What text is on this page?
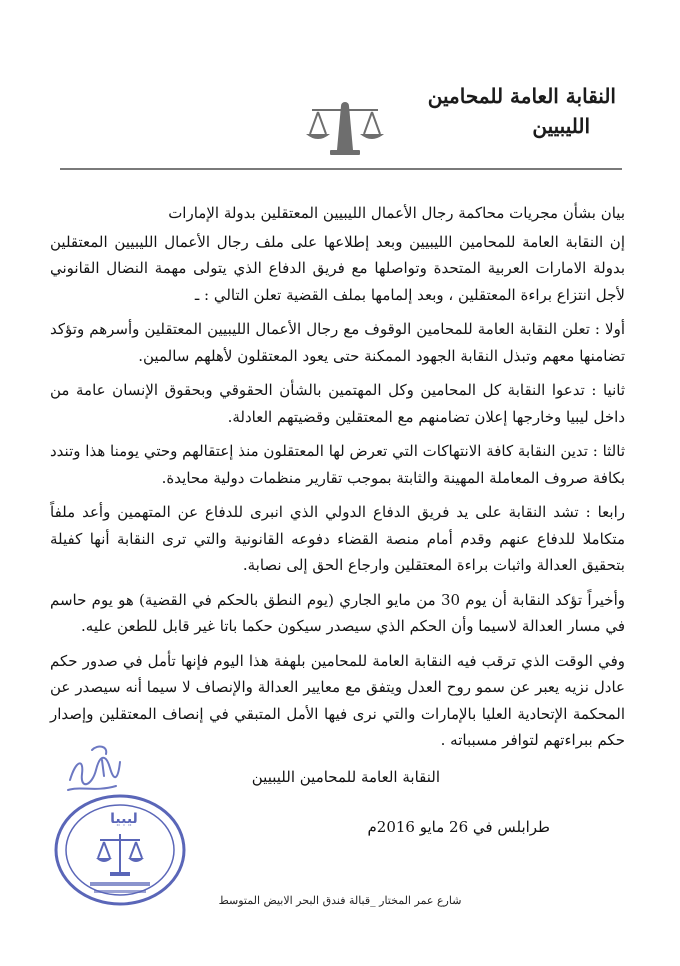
النقابة العامة للمحامين
الليبيين

بيان بشأن مجريات محاكمة رجال الأعمال الليبيين المعتقلين بدولة الإمارات

إن النقابة العامة للمحامين الليبيين وبعد إطلاعها على ملف رجال الأعمال الليبيين المعتقلين بدولة الامارات العربية المتحدة وتواصلها مع فريق الدفاع الذي يتولى مهمة النضال القانوني لأجل انتزاع براءة المعتقلين ، وبعد إلمامها بملف القضية تعلن التالي : ـ

أولا : تعلن النقابة العامة للمحامين الوقوف مع رجال الأعمال الليبيين المعتقلين وأسرهم وتؤكد تضامنها معهم وتبذل النقابة الجهود الممكنة حتى يعود المعتقلون لأهلهم سالمين.

ثانيا : تدعوا النقابة كل المحامين وكل المهتمين بالشأن الحقوقي وبحقوق الإنسان عامة من داخل ليبيا وخارجها إعلان تضامنهم مع المعتقلين وقضيتهم العادلة.

ثالثا : تدين النقابة كافة الانتهاكات التي تعرض لها المعتقلون منذ إعتقالهم وحتي يومنا هذا وتندد بكافة صروف المعاملة المهينة والثابتة بموجب تقارير منظمات دولية محايدة.

رابعا : تشد النقابة على يد فريق الدفاع الدولي الذي انبرى للدفاع عن المتهمين وأعد ملفاً متكاملا للدفاع عنهم وقدم أمام منصة القضاء دفوعه القانونية والتي ترى النقابة أنها كفيلة بتحقيق العدالة واثبات براءة المعتقلين وارجاع الحق إلى نصابة.

وأخيراً تؤكد النقابة أن يوم 30 من مايو الجاري (يوم النطق بالحكم في القضية) هو يوم حاسم في مسار العدالة لاسيما وأن الحكم الذي سيصدر سيكون حكما باتا غير قابل للطعن عليه.

وفي الوقت الذي ترقب فيه النقابة العامة للمحامين بلهفة هذا اليوم فإنها تأمل في صدور حكم عادل نزيه يعبر عن سمو روح العدل ويتفق مع معايير العدالة والإنصاف لا سيما أنه سيصدر عن المحكمة الإتحادية العليا بالإمارات والتي نرى فيها الأمل المتبقي في إنصاف المعتقلين وإصدار حكم ببراءتهم لتوافر مسبباته .

النقابة العامة للمحامين الليبيين
طرابلس في 26 مايو 2016م
ليبيا
شارع عمر المختار _قبالة فندق البحر الابيض المتوسط
